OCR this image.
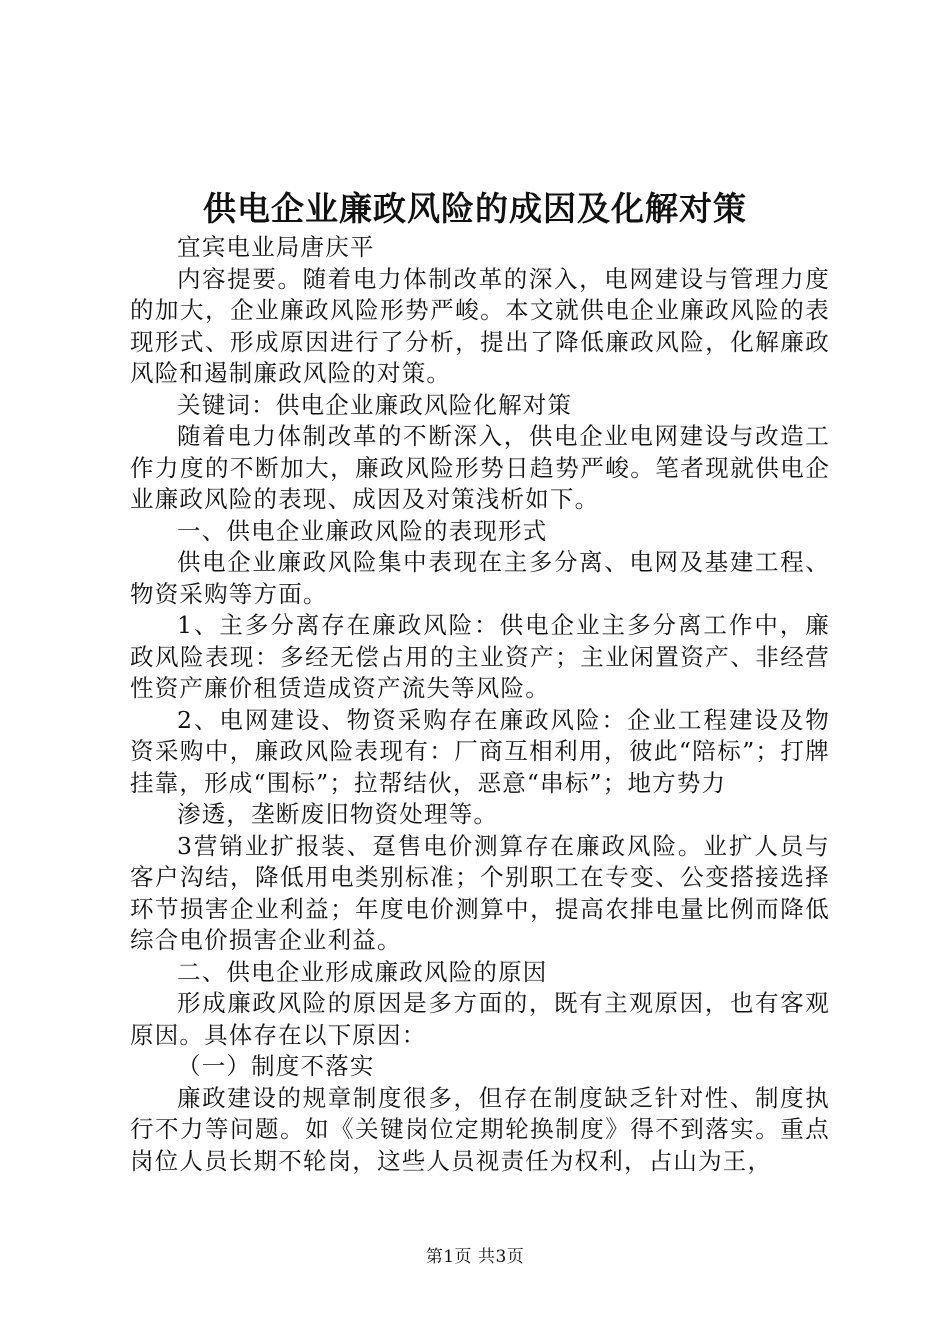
供电企业廉政风险的成因及化解对策

宜宾电业局唐庆平

内容提要。随着电力体制改革的深入，电网建设与管理力度的加大，企业廉政风险形势严峻。本文就供电企业廉政风险的表现形式、形成原因进行了分析，提出了降低廉政风险，化解廉政风险和遏制廉政风险的对策。

关键词：供电企业廉政风险化解对策

随着电力体制改革的不断深入，供电企业电网建设与改造工作力度的不断加大，廉政风险形势日趋势严峻。笔者现就供电企业廉政风险的表现、成因及对策浅析如下。

一、供电企业廉政风险的表现形式

供电企业廉政风险集中表现在主多分离、电网及基建工程、物资采购等方面。

1、主多分离存在廉政风险：供电企业主多分离工作中，廉政风险表现：多经无偿占用的主业资产；主业闲置资产、非经营性资产廉价租赁造成资产流失等风险。

2、电网建设、物资采购存在廉政风险：企业工程建设及物资采购中，廉政风险表现有：厂商互相利用，彼此“陪标”；打牌挂靠，形成“围标”；拉帮结伙，恶意“串标”；地方势力

渗透，垄断废旧物资处理等。

3营销业扩报装、趸售电价测算存在廉政风险。业扩人员与客户沟结，降低用电类别标准；个别职工在专变、公变搭接选择环节损害企业利益；年度电价测算中，提高农排电量比例而降低综合电价损害企业利益。

二、供电企业形成廉政风险的原因

形成廉政风险的原因是多方面的，既有主观原因，也有客观原因。具体存在以下原因：

（一）制度不落实

廉政建设的规章制度很多，但存在制度缺乏针对性、制度执行不力等问题。如《关键岗位定期轮换制度》得不到落实。重点岗位人员长期不轮岗，这些人员视责任为权利，占山为王，

第1页 共3页
